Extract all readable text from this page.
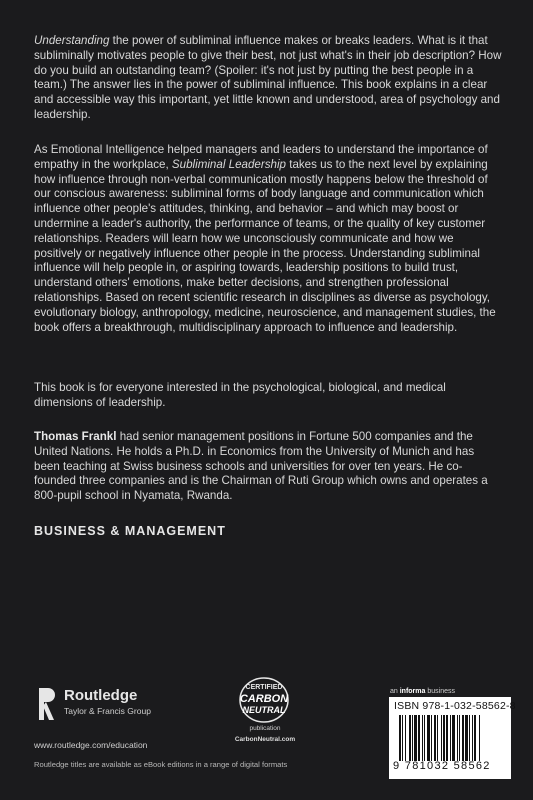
Understanding the power of subliminal influence makes or breaks leaders. What is it that subliminally motivates people to give their best, not just what's in their job description? How do you build an outstanding team? (Spoiler: it's not just by putting the best people in a team.) The answer lies in the power of subliminal influence. This book explains in a clear and accessible way this important, yet little known and understood, area of psychology and leadership.

As Emotional Intelligence helped managers and leaders to understand the importance of empathy in the workplace, Subliminal Leadership takes us to the next level by explaining how influence through non-verbal communication mostly happens below the threshold of our conscious awareness: subliminal forms of body language and communication which influence other people's attitudes, thinking, and behavior – and which may boost or undermine a leader's authority, the performance of teams, or the quality of key customer relationships. Readers will learn how we unconsciously communicate and how we positively or negatively influence other people in the process. Understanding subliminal influence will help people in, or aspiring towards, leadership positions to build trust, understand others' emotions, make better decisions, and strengthen professional relationships. Based on recent scientific research in disciplines as diverse as psychology, evolutionary biology, anthropology, medicine, neuroscience, and management studies, the book offers a breakthrough, multidisciplinary approach to influence and leadership.

This book is for everyone interested in the psychological, biological, and medical dimensions of leadership.

Thomas Frankl had senior management positions in Fortune 500 companies and the United Nations. He holds a Ph.D. in Economics from the University of Munich and has been teaching at Swiss business schools and universities for over ten years. He co-founded three companies and is the Chairman of Ruti Group which owns and operates a 800-pupil school in Nyamata, Rwanda.

BUSINESS & MANAGEMENT
Routledge
Taylor & Francis Group
www.routledge.com/education
Routledge titles are available as eBook editions in a range of digital formats
CERTIFIED
CARBON
NEUTRAL
publication
CarbonNeutral.com
an informa business
ISBN 978-1-032-58562-8
9 781032 58562
